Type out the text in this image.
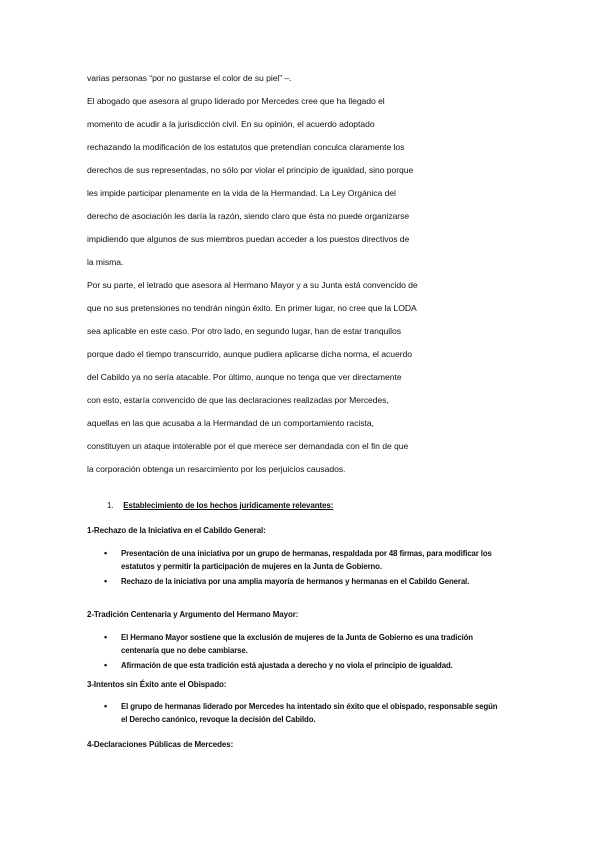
varias personas “por no gustarse el color de su piel” –.

El abogado que asesora al grupo liderado por Mercedes cree que ha llegado el

momento de acudir a la jurisdicción civil. En su opinión, el acuerdo adoptado

rechazando la modificación de los estatutos que pretendían conculca claramente los

derechos de sus representadas, no sólo por violar el principio de igualdad, sino porque

les impide participar plenamente en la vida de la Hermandad. La Ley Orgánica del

derecho de asociación les daría la razón, siendo claro que ésta no puede organizarse

impidiendo que algunos de sus miembros puedan acceder a los puestos directivos de

la misma.

Por su parte, el letrado que asesora al Hermano Mayor y a su Junta está convencido de

que no sus pretensiones no tendrán ningún éxito. En primer lugar, no cree que la LODA

sea aplicable en este caso. Por otro lado, en segundo lugar, han de estar tranquilos

porque dado el tiempo transcurrido, aunque pudiera aplicarse dicha norma, el acuerdo

del Cabildo ya no sería atacable. Por último, aunque no tenga que ver directamente

con esto, estaría convencido de que las declaraciones realizadas por Mercedes,

aquellas en las que acusaba a la Hermandad de un comportamiento racista,

constituyen un ataque intolerable por el que merece ser demandada con el fin de que

la corporación obtenga un resarcimiento por los perjuicios causados.

1. Establecimiento de los hechos jurídicamente relevantes:
1-Rechazo de la Iniciativa en el Cabildo General:
• Presentación de una iniciativa por un grupo de hermanas, respaldada por 48 firmas, para modificar los estatutos y permitir la participación de mujeres en la Junta de Gobierno.
• Rechazo de la iniciativa por una amplia mayoría de hermanos y hermanas en el Cabildo General.
2-Tradición Centenaria y Argumento del Hermano Mayor:
• El Hermano Mayor sostiene que la exclusión de mujeres de la Junta de Gobierno es una tradición centenaria que no debe cambiarse.
• Afirmación de que esta tradición está ajustada a derecho y no viola el principio de igualdad.
3-Intentos sin Éxito ante el Obispado:
• El grupo de hermanas liderado por Mercedes ha intentado sin éxito que el obispado, responsable según el Derecho canónico, revoque la decisión del Cabildo.
4-Declaraciones Públicas de Mercedes:
